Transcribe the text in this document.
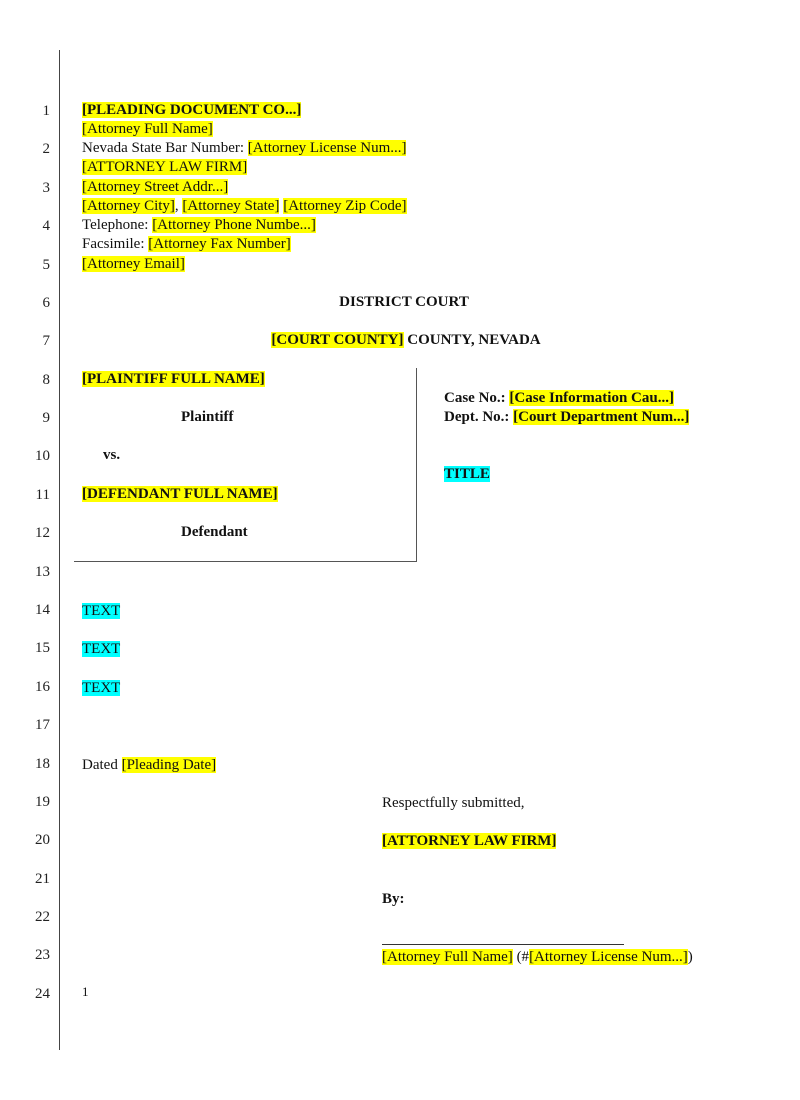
1
2
3
4
5
6
7
8
9
10
11
12
13
14
15
16
17
18
19
20
21
22
23
24
[PLEADING DOCUMENT CO...]
[Attorney Full Name]
Nevada State Bar Number: [Attorney License Num...]
[ATTORNEY LAW FIRM]
[Attorney Street Addr...]
[Attorney City], [Attorney State] [Attorney Zip Code]
Telephone: [Attorney Phone Numbe...]
Facsimile: [Attorney Fax Number]
[Attorney Email]
DISTRICT COURT
[COURT COUNTY] COUNTY, NEVADA
[PLAINTIFF FULL NAME]
Plaintiff
vs.
[DEFENDANT FULL NAME]
Defendant
Case No.: [Case Information Cau...]
Dept. No.: [Court Department Num...]
TITLE
TEXT
TEXT
TEXT
Dated [Pleading Date]
Respectfully submitted,
[ATTORNEY LAW FIRM]
By:
[Attorney Full Name] (#[Attorney License Num...])
1
